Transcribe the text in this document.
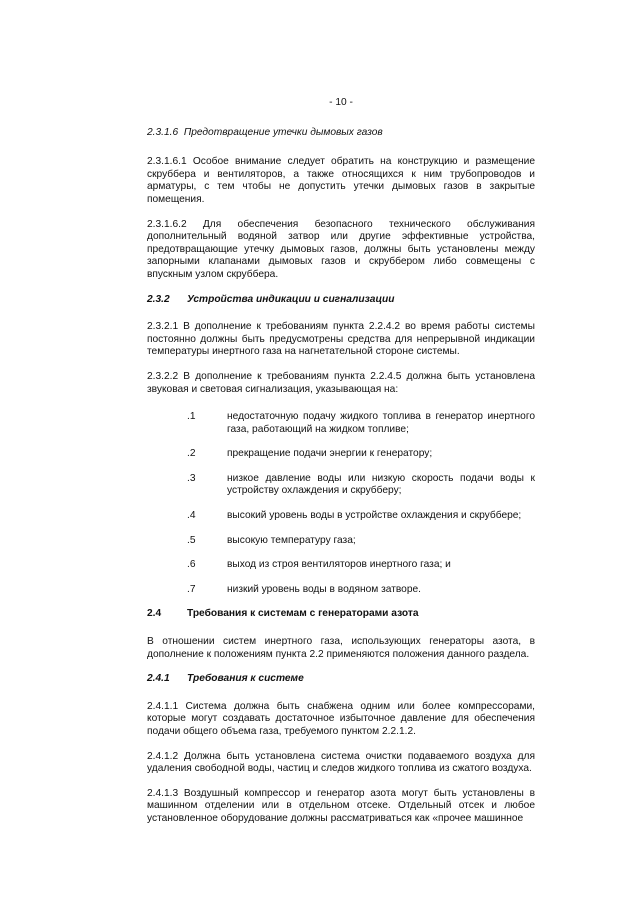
- 10 -

2.3.1.6 Предотвращение утечки дымовых газов

2.3.1.6.1 Особое внимание следует обратить на конструкцию и размещение скруббера и вентиляторов, а также относящихся к ним трубопроводов и арматуры, с тем чтобы не допустить утечки дымовых газов в закрытые помещения.

2.3.1.6.2 Для обеспечения безопасного технического обслуживания дополнительный водяной затвор или другие эффективные устройства, предотвращающие утечку дымовых газов, должны быть установлены между запорными клапанами дымовых газов и скруббером либо совмещены с впускным узлом скруббера.

2.3.2	Устройства индикации и сигнализации

2.3.2.1 В дополнение к требованиям пункта 2.2.4.2 во время работы системы постоянно должны быть предусмотрены средства для непрерывной индикации температуры инертного газа на нагнетательной стороне системы.

2.3.2.2 В дополнение к требованиям пункта 2.2.4.5 должна быть установлена звуковая и световая сигнализация, указывающая на:

.1	недостаточную подачу жидкого топлива в генератор инертного газа, работающий на жидком топливе;
.2	прекращение подачи энергии к генератору;
.3	низкое давление воды или низкую скорость подачи воды к устройству охлаждения и скрубберу;
.4	высокий уровень воды в устройстве охлаждения и скруббере;
.5	высокую температуру газа;
.6	выход из строя вентиляторов инертного газа; и
.7	низкий уровень воды в водяном затворе.
2.4	Требования к системам с генераторами азота

В отношении систем инертного газа, использующих генераторы азота, в дополнение к положениям пункта 2.2 применяются положения данного раздела.

2.4.1	Требования к системе

2.4.1.1 Система должна быть снабжена одним или более компрессорами, которые могут создавать достаточное избыточное давление для обеспечения подачи общего объема газа, требуемого пунктом 2.2.1.2.

2.4.1.2 Должна быть установлена система очистки подаваемого воздуха для удаления свободной воды, частиц и следов жидкого топлива из сжатого воздуха.

2.4.1.3 Воздушный компрессор и генератор азота могут быть установлены в машинном отделении или в отдельном отсеке. Отдельный отсек и любое установленное оборудование должны рассматриваться как «прочее машинное
